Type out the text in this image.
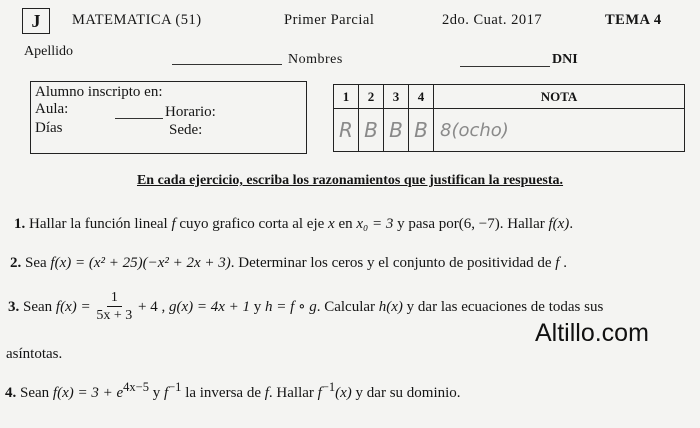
J	MATEMATICA (51)	Primer Parcial	2do. Cuat. 2017	TEMA 4
Apellido
Nombres	DNI
Alumno inscripto en:
Aula:	Horario:
Días	Sede:
1	2	3	4	NOTA
R	B	B	B	8(ocho)
En cada ejercicio, escriba los razonamientos que justifican la respuesta.
1. Hallar la función lineal f cuyo grafico corta al eje x en x₀ = 3 y pasa por(6, −7). Hallar f(x).
2. Sea f(x) = (x² + 25)(−x² + 2x + 3). Determinar los ceros y el conjunto de positividad de f .
3. Sean $f(x) = \frac{1}{5x + 3} + 4$ , g(x) = 4x + 1 y h = f ∘ g. Calcular h(x) y dar las ecuaciones de todas sus
asíntotas.
Altillo.com
4. Sean $f(x) = 3 + e^{4x-5}$ y $f^{-1}$ la inversa de f. Hallar $f^{-1}(x)$ y dar su dominio.
